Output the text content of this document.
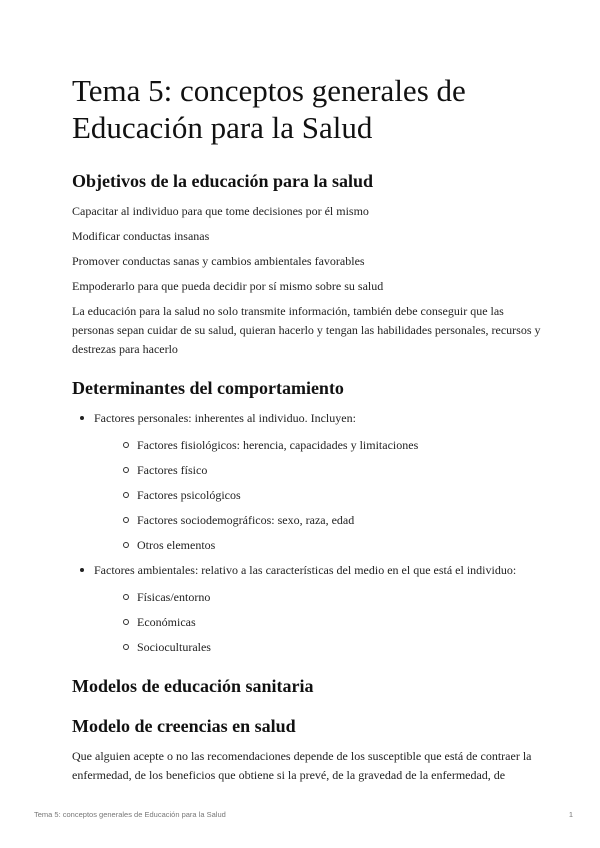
Tema 5: conceptos generales de Educación para la Salud
Objetivos de la educación para la salud

Capacitar al individuo para que tome decisiones por él mismo

Modificar conductas insanas

Promover conductas sanas y cambios ambientales favorables

Empoderarlo para que pueda decidir por sí mismo sobre su salud

La educación para la salud no solo transmite información, también debe conseguir que las personas sepan cuidar de su salud, quieran hacerlo y tengan las habilidades personales, recursos y destrezas para hacerlo

Determinantes del comportamiento
Factores personales: inherentes al individuo. Incluyen:
Factores fisiológicos: herencia, capacidades y limitaciones
Factores físico
Factores psicológicos
Factores sociodemográficos: sexo, raza, edad
Otros elementos
Factores ambientales: relativo a las características del medio en el que está el individuo:
Físicas/entorno
Económicas
Socioculturales
Modelos de educación sanitaria
Modelo de creencias en salud

Que alguien acepte o no las recomendaciones depende de los susceptible que está de contraer la enfermedad, de los beneficios que obtiene si la prevé, de la gravedad de la enfermedad, de

Tema 5: conceptos generales de Educación para la Salud	1
